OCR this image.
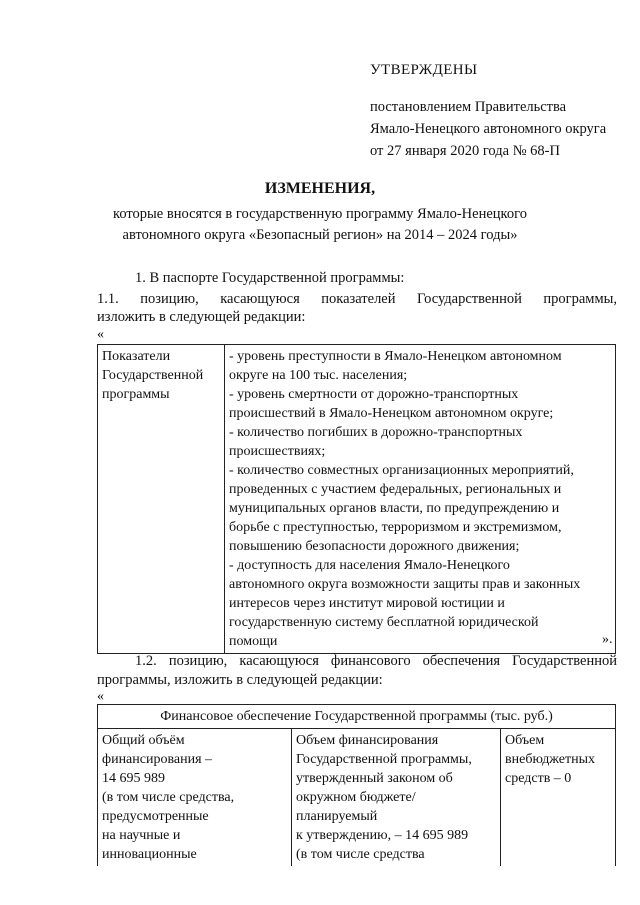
УТВЕРЖДЕНЫ
постановлением Правительства
Ямало-Ненецкого автономного округа
от 27 января 2020 года № 68-П
ИЗМЕНЕНИЯ,
которые вносятся в государственную программу Ямало-Ненецкого
автономного округа «Безопасный регион» на 2014 – 2024 годы»
1. В паспорте Государственной программы:
1.1. позицию, касающуюся показателей Государственной программы,
изложить в следующей редакции:
«
Показатели
Государственной
программы

- уровень преступности в Ямало-Ненецком автономном
округе на 100 тыс. населения;
- уровень смертности от дорожно-транспортных
происшествий в Ямало-Ненецком автономном округе;
- количество погибших в дорожно-транспортных
происшествиях;
- количество совместных организационных мероприятий,
проведенных с участием федеральных, региональных и
муниципальных органов власти, по предупреждению и
борьбе с преступностью, терроризмом и экстремизмом,
повышению безопасности дорожного движения;
- доступность для населения Ямало-Ненецкого
автономного округа возможности защиты прав и законных
интересов через институт мировой юстиции и
государственную систему бесплатной юридической
помощи	».
1.2. позицию, касающуюся финансового обеспечения Государственной
программы, изложить в следующей редакции:
«
Финансовое обеспечение Государственной программы (тыс. руб.)

Общий объём
финансирования –
14 695 989
(в том числе средства,
предусмотренные
на научные и
инновационные

Объем финансирования
Государственной программы,
утвержденный законом об
окружном бюджете/
планируемый
к утверждению, – 14 695 989
(в том числе средства

Объем
внебюджетных
средств – 0
